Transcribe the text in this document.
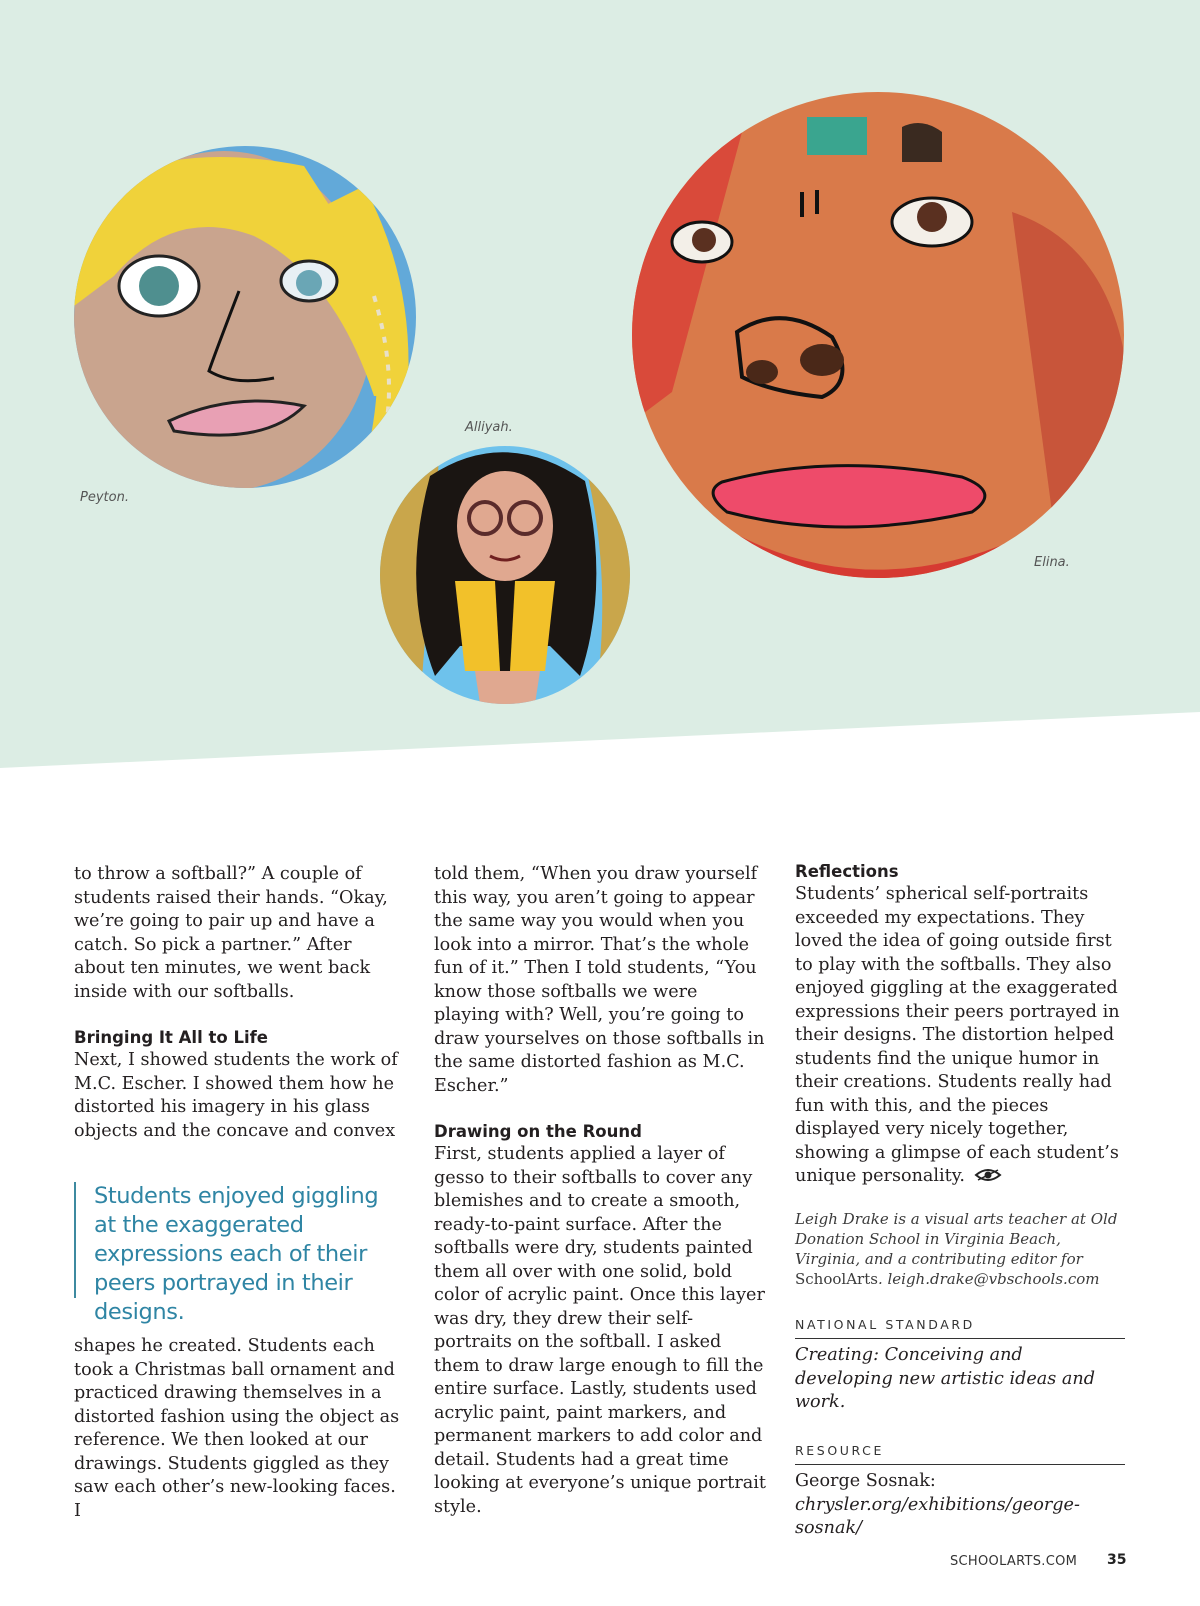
Peyton.
Alliyah.
Elina.

to throw a softball?” A couple of students raised their hands. “Okay, we’re going to pair up and have a catch. So pick a partner.” After about ten minutes, we went back inside with our softballs.

Bringing It All to Life

Next, I showed students the work of M.C. Escher. I showed them how he distorted his imagery in his glass objects and the concave and convex

Students enjoyed giggling at the exaggerated expressions each of their peers portrayed in their designs.

shapes he created. Students each took a Christmas ball ornament and practiced drawing themselves in a distorted fashion using the object as reference. We then looked at our drawings. Students giggled as they saw each other’s new-looking faces. I

told them, “When you draw yourself this way, you aren’t going to appear the same way you would when you look into a mirror. That’s the whole fun of it.” Then I told students, “You know those softballs we were playing with? Well, you’re going to draw yourselves on those softballs in the same distorted fashion as M.C. Escher.”

Drawing on the Round

First, students applied a layer of gesso to their softballs to cover any blemishes and to create a smooth, ready-to-paint surface. After the softballs were dry, students painted them all over with one solid, bold color of acrylic paint. Once this layer was dry, they drew their self-portraits on the softball. I asked them to draw large enough to fill the entire surface. Lastly, students used acrylic paint, paint markers, and permanent markers to add color and detail. Students had a great time looking at everyone’s unique portrait style.

Reflections

Students’ spherical self-portraits exceeded my expectations. They loved the idea of going outside first to play with the softballs. They also enjoyed giggling at the exaggerated expressions their peers portrayed in their designs. The distortion helped students find the unique humor in their creations. Students really had fun with this, and the pieces displayed very nicely together, showing a glimpse of each student’s unique personality.

Leigh Drake is a visual arts teacher at Old Donation School in Virginia Beach, Virginia, and a contributing editor for SchoolArts. leigh.drake@vbschools.com

NATIONAL STANDARD

Creating: Conceiving and developing new artistic ideas and work.

RESOURCE

George Sosnak: chrysler.org/exhibitions/george-sosnak/

SCHOOLARTS.COM 35
